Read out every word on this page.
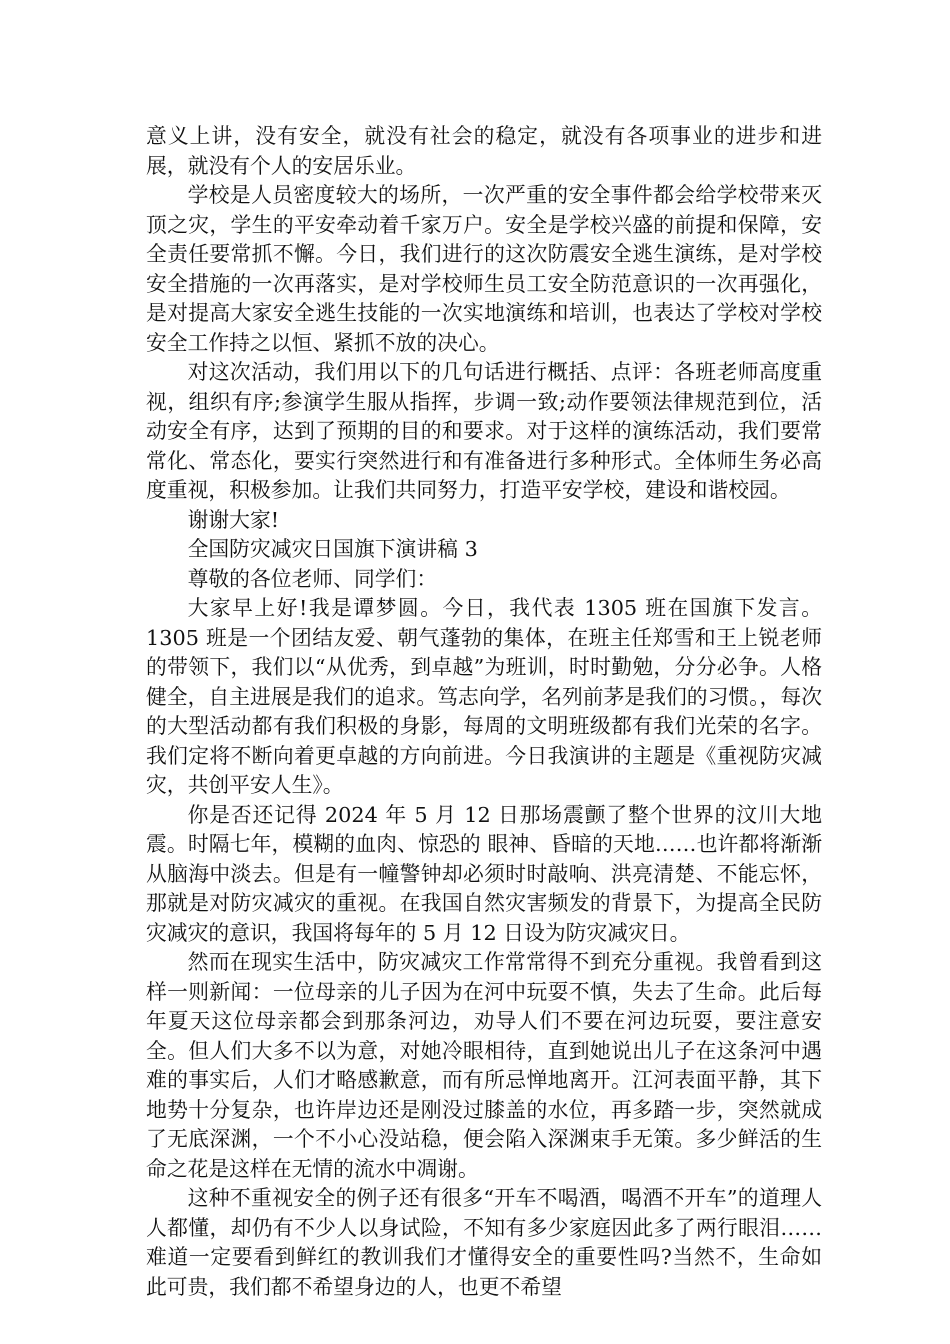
意义上讲，没有安全，就没有社会的稳定，就没有各项事业的进步和进展，就没有个人的安居乐业。

学校是人员密度较大的场所，一次严重的安全事件都会给学校带来灭顶之灾，学生的平安牵动着千家万户。安全是学校兴盛的前提和保障，安全责任要常抓不懈。今日，我们进行的这次防震安全逃生演练，是对学校安全措施的一次再落实，是对学校师生员工安全防范意识的一次再强化，是对提高大家安全逃生技能的一次实地演练和培训，也表达了学校对学校安全工作持之以恒、紧抓不放的决心。

对这次活动，我们用以下的几句话进行概括、点评：各班老师高度重视，组织有序;参演学生服从指挥，步调一致;动作要领法律规范到位，活动安全有序，达到了预期的目的和要求。对于这样的演练活动，我们要常常化、常态化，要实行突然进行和有准备进行多种形式。全体师生务必高度重视，积极参加。让我们共同努力，打造平安学校，建设和谐校园。

谢谢大家!

全国防灾减灾日国旗下演讲稿 3

尊敬的各位老师、同学们：

大家早上好!我是谭梦圆。今日，我代表 1305 班在国旗下发言。1305 班是一个团结友爱、朝气蓬勃的集体，在班主任郑雪和王上锐老师的带领下，我们以“从优秀，到卓越”为班训，时时勤勉，分分必争。人格健全，自主进展是我们的追求。笃志向学，名列前茅是我们的习惯。，每次的大型活动都有我们积极的身影，每周的文明班级都有我们光荣的名字。我们定将不断向着更卓越的方向前进。今日我演讲的主题是《重视防灾减灾，共创平安人生》。

你是否还记得 2024 年 5 月 12 日那场震颤了整个世界的汶川大地震。时隔七年，模糊的血肉、惊恐的 眼神、昏暗的天地……也许都将渐渐从脑海中淡去。但是有一幢警钟却必须时时敲响、洪亮清楚、不能忘怀，那就是对防灾减灾的重视。在我国自然灾害频发的背景下，为提高全民防灾减灾的意识，我国将每年的 5 月 12 日设为防灾减灾日。

然而在现实生活中，防灾减灾工作常常得不到充分重视。我曾看到这样一则新闻：一位母亲的儿子因为在河中玩耍不慎，失去了生命。此后每年夏天这位母亲都会到那条河边，劝导人们不要在河边玩耍，要注意安全。但人们大多不以为意，对她冷眼相待，直到她说出儿子在这条河中遇难的事实后，人们才略感歉意，而有所忌惮地离开。江河表面平静，其下地势十分复杂，也许岸边还是刚没过膝盖的水位，再多踏一步，突然就成了无底深渊，一个不小心没站稳，便会陷入深渊束手无策。多少鲜活的生命之花是这样在无情的流水中凋谢。

这种不重视安全的例子还有很多“开车不喝酒，喝酒不开车”的道理人人都懂，却仍有不少人以身试险，不知有多少家庭因此多了两行眼泪……难道一定要看到鲜红的教训我们才懂得安全的重要性吗?当然不，生命如此可贵，我们都不希望身边的人，也更不希望
